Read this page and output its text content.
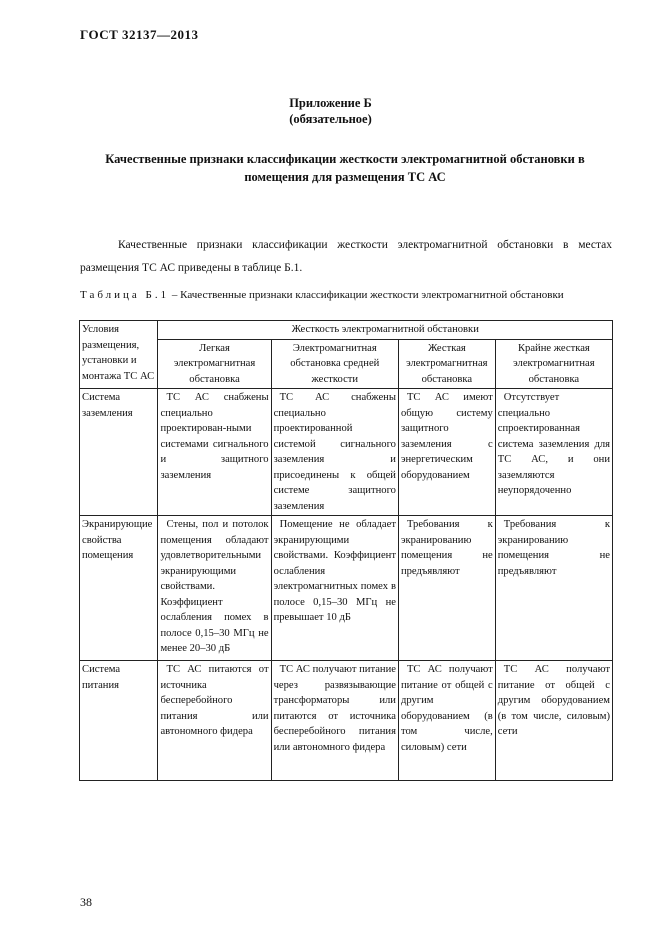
ГОСТ 32137—2013
Приложение Б
(обязательное)
Качественные признаки классификации жесткости электромагнитной обстановки в помещения для размещения ТС АС
Качественные признаки классификации жесткости электромагнитной обстановки в местах размещения ТС АС приведены в таблице Б.1.
Таблица Б.1 – Качественные признаки классификации жесткости электромагнитной обстановки
Условия размещения, установки и монтажа ТС АС	Жесткость электромагнитной обстановки			
	Легкая электромагнитная обстановка	Электромагнитная обстановка средней жесткости	Жесткая электромагнитная обстановка	Крайне жесткая электромагнитная обстановка
Система заземления	ТС АС снабжены специально проектирован-ными системами сигнального и защитного заземления	ТС АС снабжены специально проектированной системой сигнального заземления и присоединены к общей системе защитного заземления	ТС АС имеют общую систему защитного заземления с энергетическим оборудованием	Отсутствует специально спроектированная система заземления для ТС АС, и они заземляются неупорядоченно
Экранирующие свойства помещения	Стены, пол и потолок помещения обладают удовлетворительными экранирующими свойствами. Коэффициент ослабления помех в полосе 0,15–30 МГц не менее 20–30 дБ	Помещение не обладает экранирующими свойствами. Коэффициент ослабления электромагнитных помех в полосе 0,15–30 МГц не превышает 10 дБ	Требования к экранированию помещения не предъявляют	Требования к экранированию помещения не предъявляют
Система питания	ТС АС питаются от источника бесперебойного питания или автономного фидера	ТС АС получают питание через развязывающие трансформаторы или питаются от источника бесперебойного питания или автономного фидера	ТС АС получают питание от общей с другим оборудованием (в том числе, силовым) сети	ТС АС получают питание от общей с другим оборудованием (в том числе, силовым) сети
38
